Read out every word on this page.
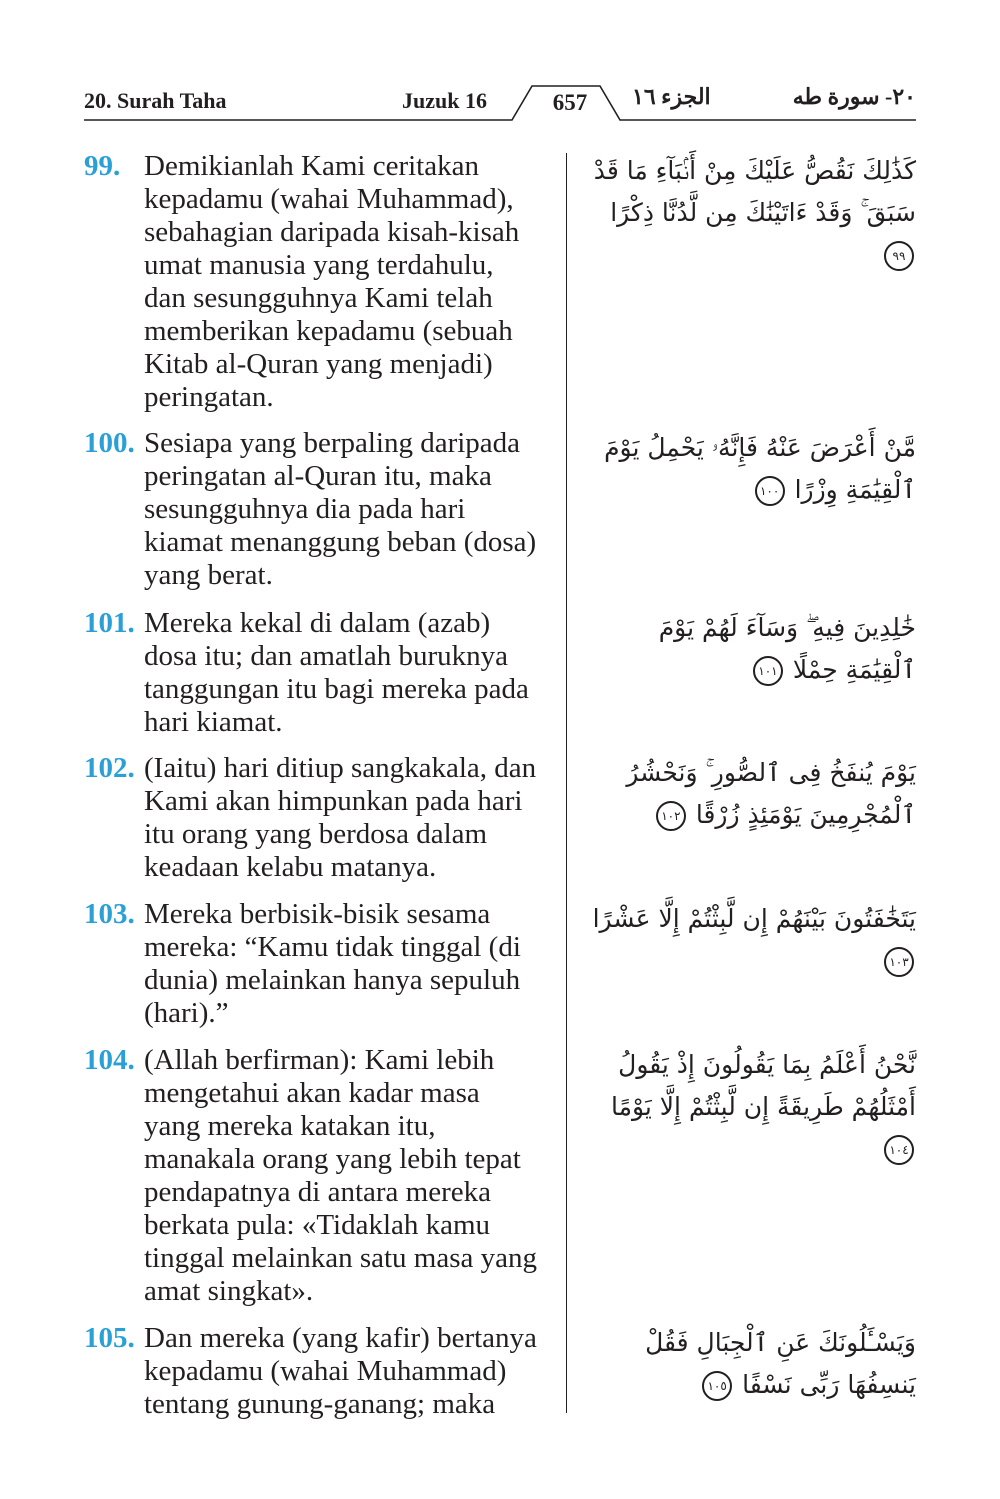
20. Surah Taha	Juzuk 16	657	الجزء ١٦	٢٠- سورة طه
99. Demikianlah Kami ceritakan
kepadamu (wahai Muhammad),
sebahagian daripada kisah-kisah
umat manusia yang terdahulu,
dan sesungguhnya Kami telah
memberikan kepadamu (sebuah
Kitab al-Quran yang menjadi)
peringatan.
كَذَٰلِكَ نَقُصُّ عَلَيْكَ مِنْ أَنۢبَآءِ مَا قَدْ سَبَقَ ۚ وَقَدْ ءَاتَيْنَٰكَ مِن لَّدُنَّا ذِكْرًا ٩٩
100. Sesiapa yang berpaling daripada
peringatan al-Quran itu, maka
sesungguhnya dia pada hari
kiamat menanggung beban (dosa)
yang berat.
مَّنْ أَعْرَضَ عَنْهُ فَإِنَّهُۥ يَحْمِلُ يَوْمَ ٱلْقِيَٰمَةِ وِزْرًا ١٠٠
101. Mereka kekal di dalam (azab)
dosa itu; dan amatlah buruknya
tanggungan itu bagi mereka pada
hari kiamat.
خَٰلِدِينَ فِيهِ ۖ وَسَآءَ لَهُمْ يَوْمَ ٱلْقِيَٰمَةِ حِمْلًا ١٠١
102. (Iaitu) hari ditiup sangkakala, dan
Kami akan himpunkan pada hari
itu orang yang berdosa dalam
keadaan kelabu matanya.
يَوْمَ يُنفَخُ فِى ٱلصُّورِ ۚ وَنَحْشُرُ ٱلْمُجْرِمِينَ يَوْمَئِذٍ زُرْقًا ١٠٢
103. Mereka berbisik-bisik sesama
mereka: “Kamu tidak tinggal (di
dunia) melainkan hanya sepuluh
(hari).”
يَتَخَٰفَتُونَ بَيْنَهُمْ إِن لَّبِثْتُمْ إِلَّا عَشْرًا ١٠٣
104. (Allah berfirman): Kami lebih
mengetahui akan kadar masa
yang mereka katakan itu,
manakala orang yang lebih tepat
pendapatnya di antara mereka
berkata pula: «Tidaklah kamu
tinggal melainkan satu masa yang
amat singkat».
نَّحْنُ أَعْلَمُ بِمَا يَقُولُونَ إِذْ يَقُولُ أَمْثَلُهُمْ طَرِيقَةً إِن لَّبِثْتُمْ إِلَّا يَوْمًا ١٠٤
105. Dan mereka (yang kafir) bertanya
kepadamu (wahai Muhammad)
tentang gunung-ganang; maka
وَيَسْـَٔلُونَكَ عَنِ ٱلْجِبَالِ فَقُلْ يَنسِفُهَا رَبِّى نَسْفًا ١٠٥
